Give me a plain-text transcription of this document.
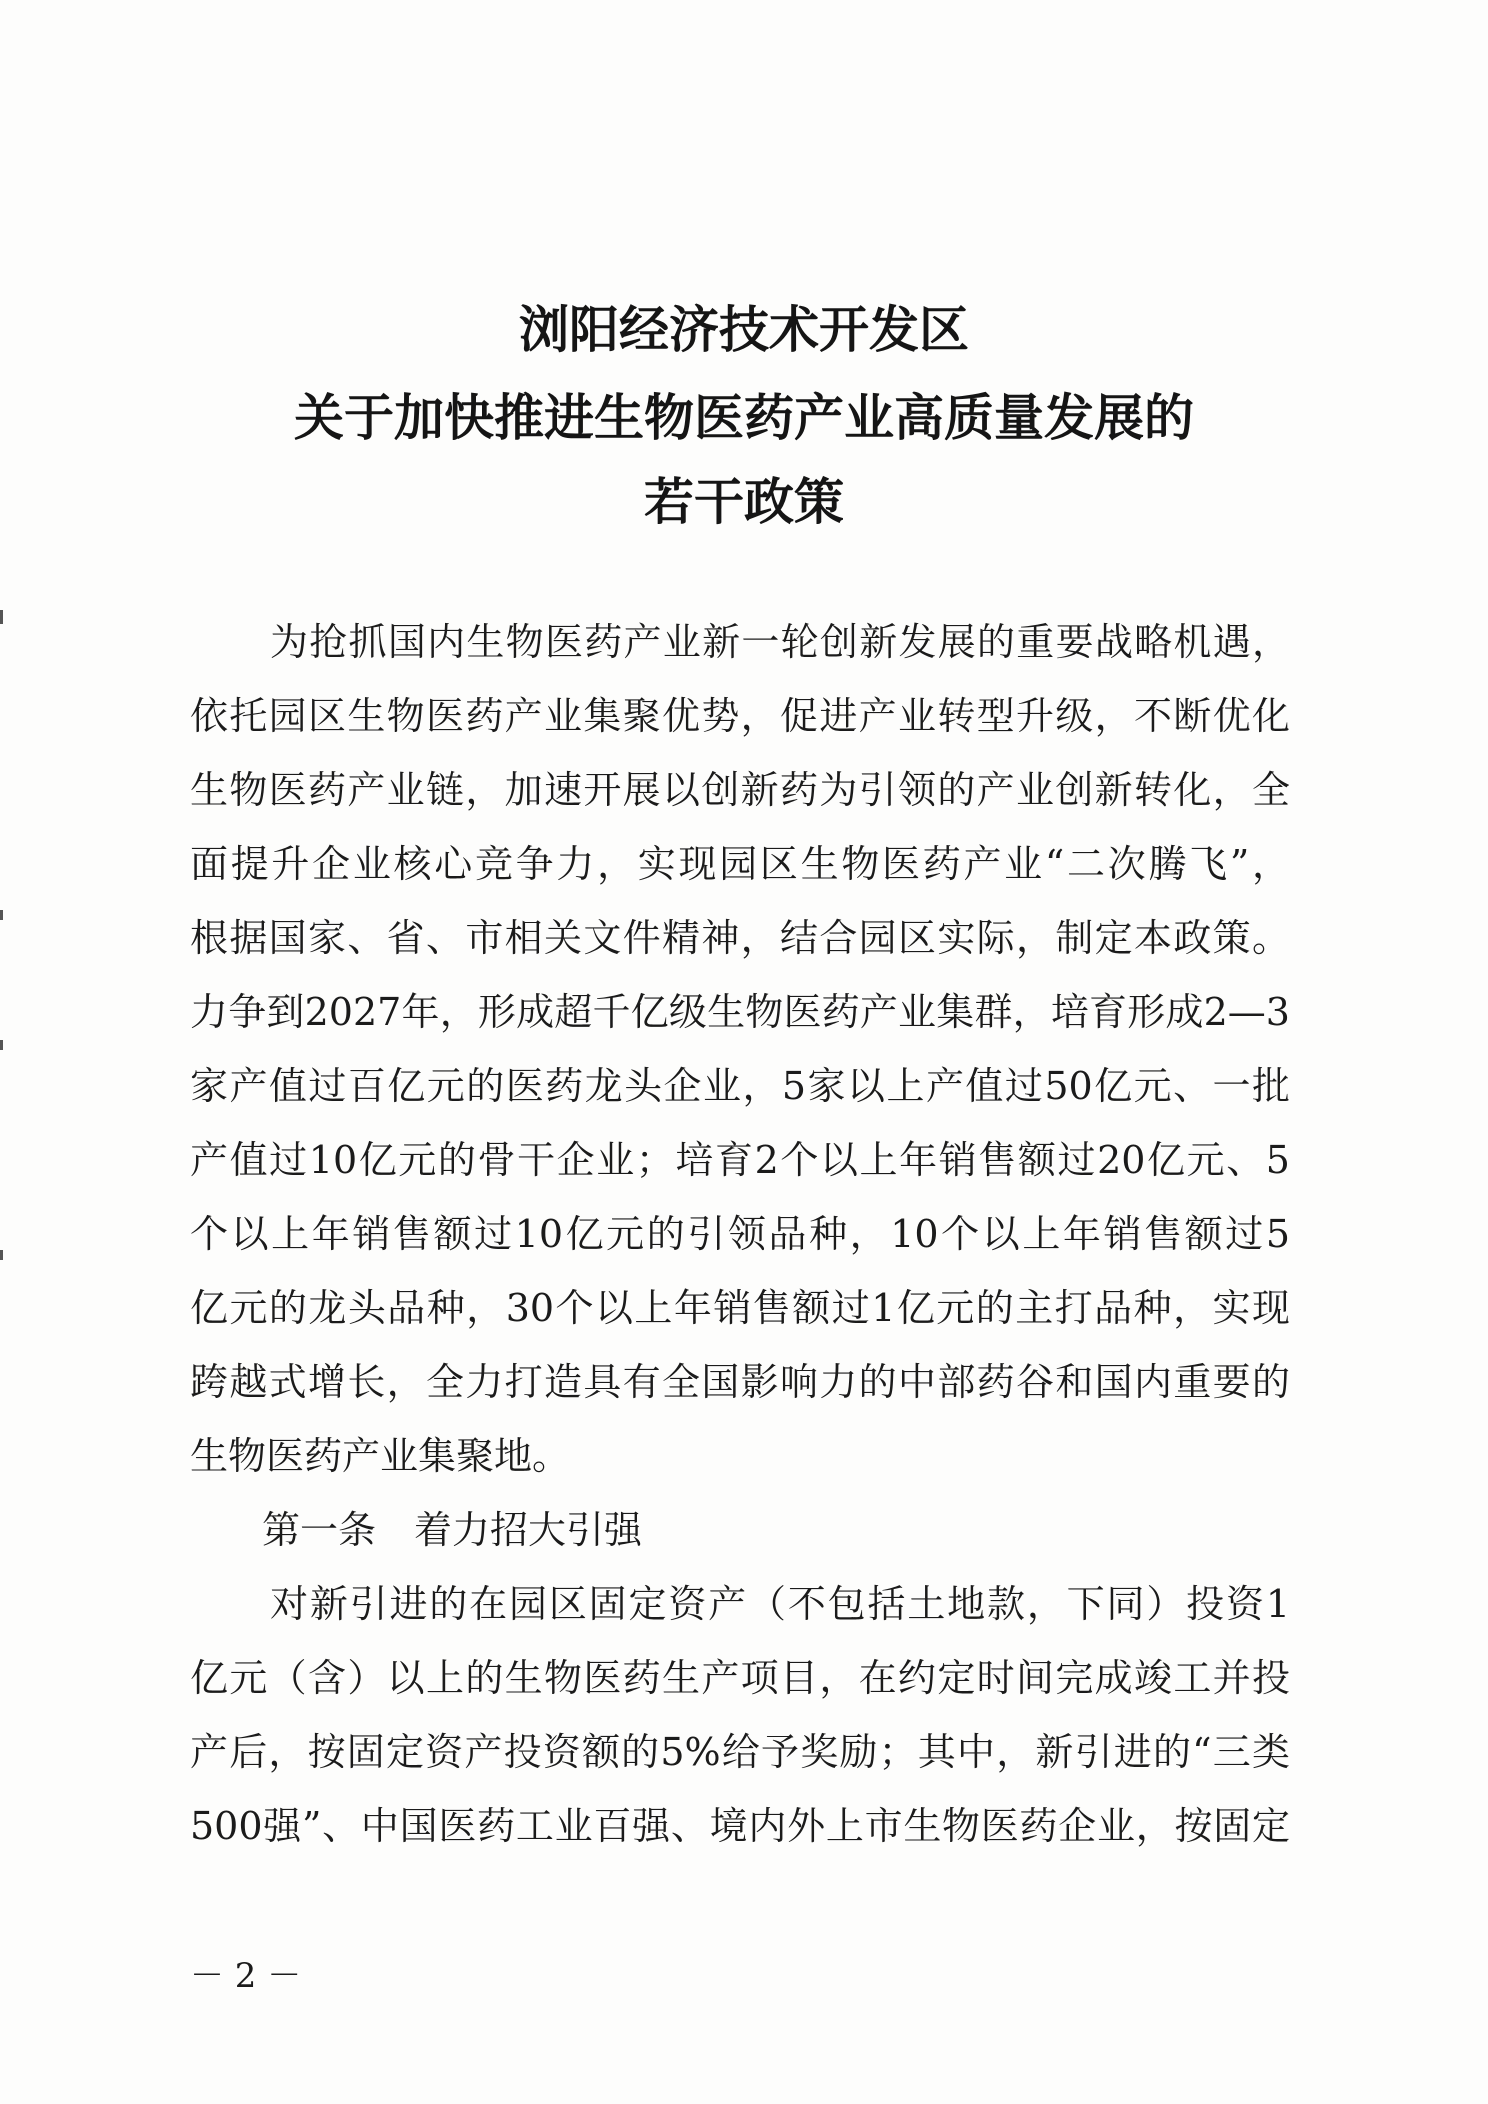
浏阳经济技术开发区
关于加快推进生物医药产业高质量发展的
若干政策
为抢抓国内生物医药产业新一轮创新发展的重要战略机遇，
依托园区生物医药产业集聚优势，促进产业转型升级，不断优化
生物医药产业链，加速开展以创新药为引领的产业创新转化，全
面提升企业核心竞争力，实现园区生物医药产业“二次腾飞”，
根据国家、省、市相关文件精神，结合园区实际，制定本政策。
力争到2027年，形成超千亿级生物医药产业集群，培育形成2—3
家产值过百亿元的医药龙头企业，5家以上产值过50亿元、一批
产值过10亿元的骨干企业；培育2个以上年销售额过20亿元、5
个以上年销售额过10亿元的引领品种，10个以上年销售额过5
亿元的龙头品种，30个以上年销售额过1亿元的主打品种，实现
跨越式增长，全力打造具有全国影响力的中部药谷和国内重要的
生物医药产业集聚地。
第一条 着力招大引强
对新引进的在园区固定资产（不包括土地款，下同）投资1
亿元（含）以上的生物医药生产项目，在约定时间完成竣工并投
产后，按固定资产投资额的5%给予奖励；其中，新引进的“三类
500强”、中国医药工业百强、境内外上市生物医药企业，按固定
－ 2 －
